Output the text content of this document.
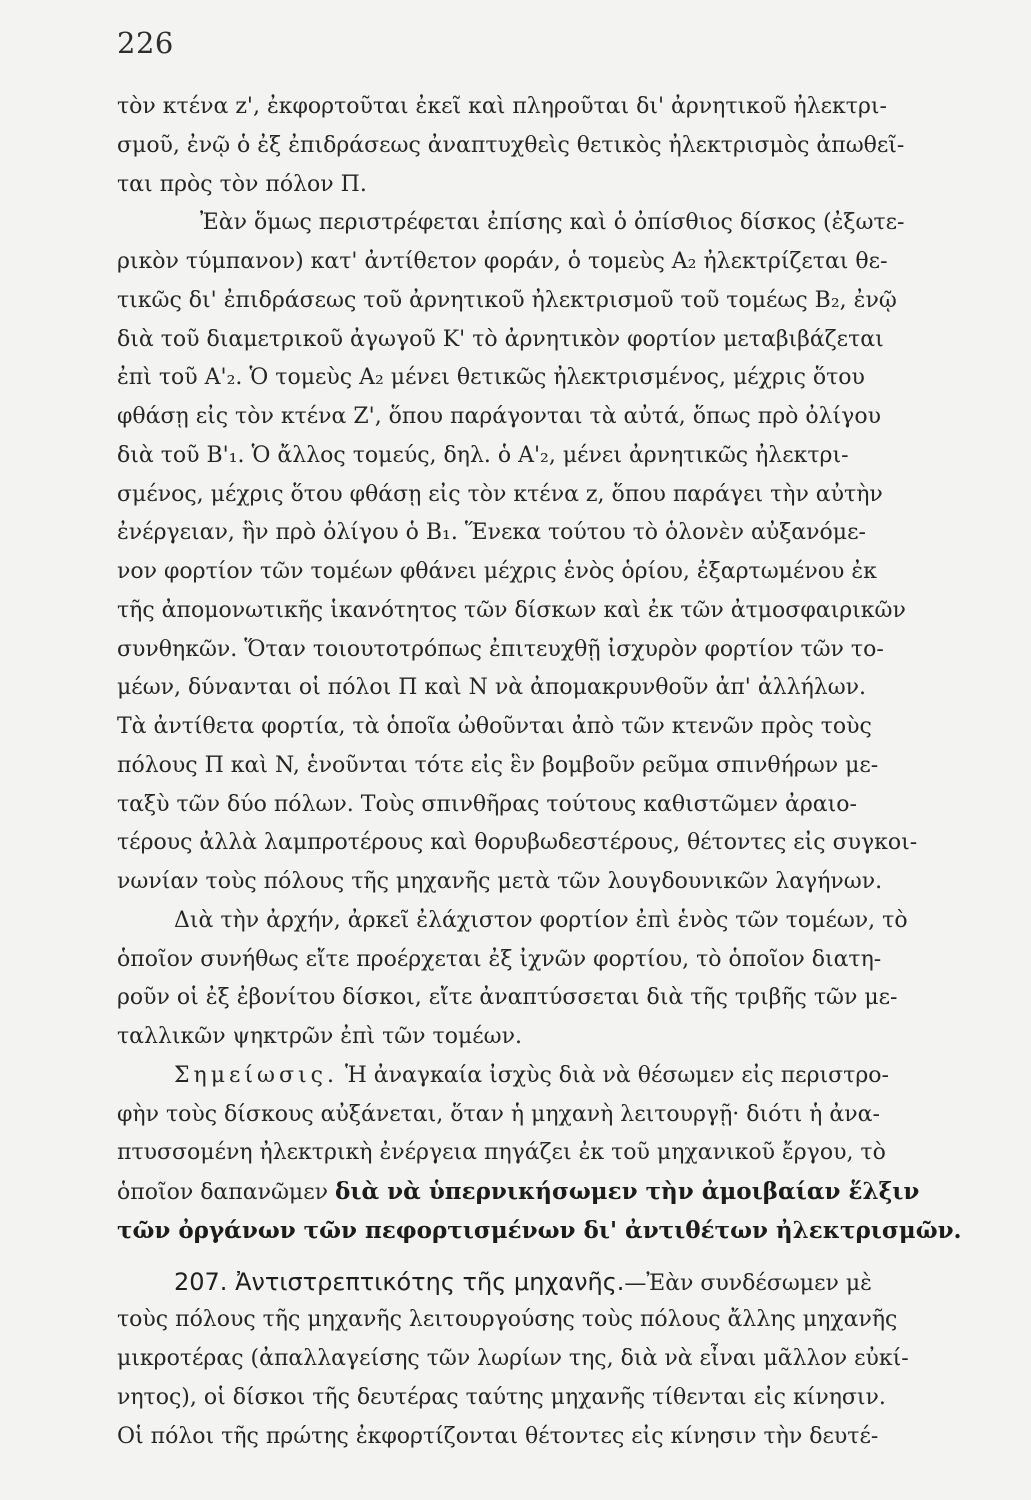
226
τὸν κτένα z', ἐκφορτοῦται ἐκεῖ καὶ πληροῦται δι' ἀρνητικοῦ ἠλεκτρι-
σμοῦ, ἐνῷ ὁ ἐξ ἐπιδράσεως ἀναπτυχθεὶς θετικὸς ἠλεκτρισμὸς ἀπωθεῖ-
ται πρὸς τὸν πόλον Π.
Ἐὰν ὅμως περιστρέφεται ἐπίσης καὶ ὁ ὀπίσθιος δίσκος (ἐξωτε-
ρικὸν τύμπανον) κατ' ἀντίθετον φοράν, ὁ τομεὺς A₂ ἠλεκτρίζεται θε-
τικῶς δι' ἐπιδράσεως τοῦ ἀρνητικοῦ ἠλεκτρισμοῦ τοῦ τομέως B₂, ἐνῷ
διὰ τοῦ διαμετρικοῦ ἀγωγοῦ K' τὸ ἀρνητικὸν φορτίον μεταβιβάζεται
ἐπὶ τοῦ A'₂. Ὁ τομεὺς A₂ μένει θετικῶς ἠλεκτρισμένος, μέχρις ὅτου
φθάσῃ εἰς τὸν κτένα Z', ὅπου παράγονται τὰ αὐτά, ὅπως πρὸ ὀλίγου
διὰ τοῦ B'₁. Ὁ ἄλλος τομεύς, δηλ. ὁ A'₂, μένει ἀρνητικῶς ἠλεκτρι-
σμένος, μέχρις ὅτου φθάσῃ εἰς τὸν κτένα z, ὅπου παράγει τὴν αὐτὴν
ἐνέργειαν, ἣν πρὸ ὀλίγου ὁ B₁. Ἕνεκα τούτου τὸ ὁλονὲν αὐξανόμε-
νον φορτίον τῶν τομέων φθάνει μέχρις ἑνὸς ὁρίου, ἐξαρτωμένου ἐκ
τῆς ἀπομονωτικῆς ἱκανότητος τῶν δίσκων καὶ ἐκ τῶν ἀτμοσφαιρικῶν
συνθηκῶν. Ὅταν τοιουτοτρόπως ἐπιτευχθῇ ἰσχυρὸν φορτίον τῶν το-
μέων, δύνανται οἱ πόλοι Π καὶ N νὰ ἀπομακρυνθοῦν ἀπ' ἀλλήλων.
Τὰ ἀντίθετα φορτία, τὰ ὁποῖα ὠθοῦνται ἀπὸ τῶν κτενῶν πρὸς τοὺς
πόλους Π καὶ N, ἑνοῦνται τότε εἰς ἓν βομβοῦν ρεῦμα σπινθήρων με-
ταξὺ τῶν δύο πόλων. Τοὺς σπινθῆρας τούτους καθιστῶμεν ἀραιο-
τέρους ἀλλὰ λαμπροτέρους καὶ θορυβωδεστέρους, θέτοντες εἰς συγκοι-
νωνίαν τοὺς πόλους τῆς μηχανῆς μετὰ τῶν λουγδουνικῶν λαγήνων.
Διὰ τὴν ἀρχήν, ἀρκεῖ ἐλάχιστον φορτίον ἐπὶ ἑνὸς τῶν τομέων, τὸ
ὁποῖον συνήθως εἴτε προέρχεται ἐξ ἰχνῶν φορτίου, τὸ ὁποῖον διατη-
ροῦν οἱ ἐξ ἐβονίτου δίσκοι, εἴτε ἀναπτύσσεται διὰ τῆς τριβῆς τῶν με-
ταλλικῶν ψηκτρῶν ἐπὶ τῶν τομέων.
Σημείωσις. Ἡ ἀναγκαία ἰσχὺς διὰ νὰ θέσωμεν εἰς περιστρο-
φὴν τοὺς δίσκους αὐξάνεται, ὅταν ἡ μηχανὴ λειτουργῇ· διότι ἡ ἀνα-
πτυσσομένη ἠλεκτρικὴ ἐνέργεια πηγάζει ἐκ τοῦ μηχανικοῦ ἔργου, τὸ
ὁποῖον δαπανῶμεν διὰ νὰ ὑπερνικήσωμεν τὴν ἀμοιβαίαν ἕλξιν
τῶν ὀργάνων τῶν πεφορτισμένων δι' ἀντιθέτων ἠλεκτρισμῶν.
207. Ἀντιστρεπτικότης τῆς μηχανῆς.—Ἐὰν συνδέσωμεν μὲ
τοὺς πόλους τῆς μηχανῆς λειτουργούσης τοὺς πόλους ἄλλης μηχανῆς
μικροτέρας (ἀπαλλαγείσης τῶν λωρίων της, διὰ νὰ εἶναι μᾶλλον εὐκί-
νητος), οἱ δίσκοι τῆς δευτέρας ταύτης μηχανῆς τίθενται εἰς κίνησιν.
Οἱ πόλοι τῆς πρώτης ἐκφορτίζονται θέτοντες εἰς κίνησιν τὴν δευτέ-
